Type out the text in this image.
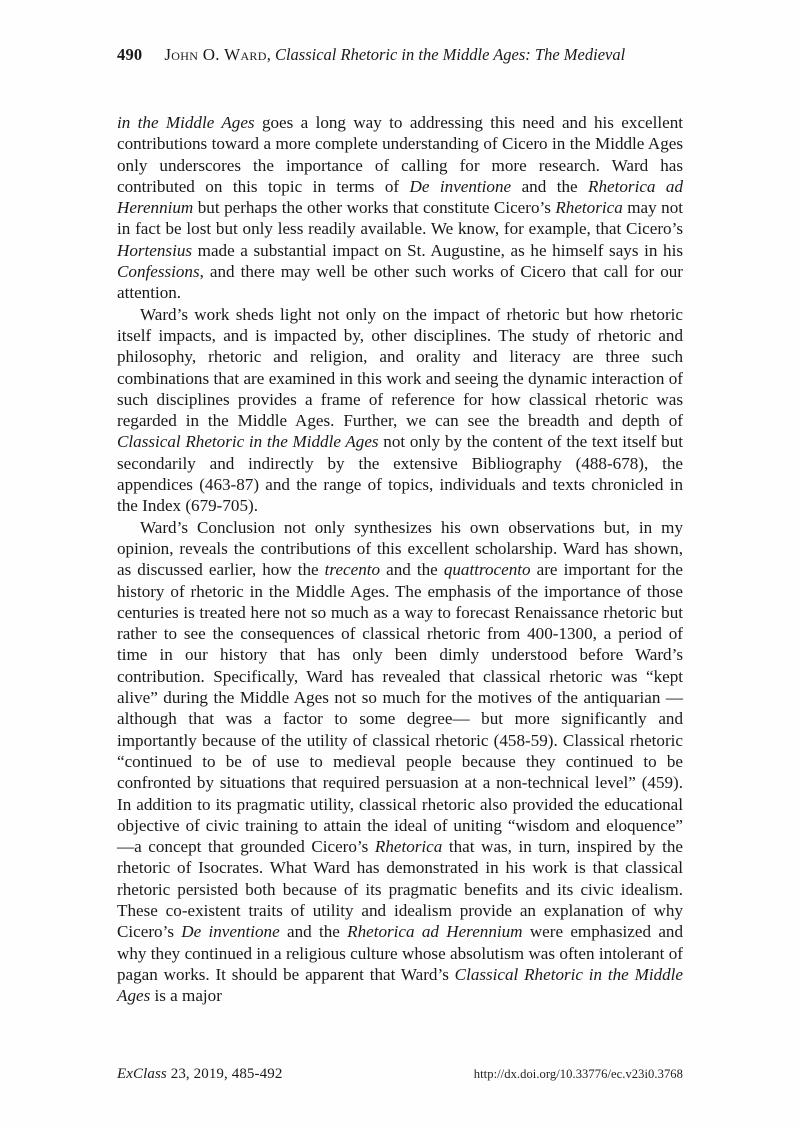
490 John O. Ward, Classical Rhetoric in the Middle Ages: The Medieval

in the Middle Ages goes a long way to addressing this need and his excellent contributions toward a more complete understanding of Cicero in the Middle Ages only underscores the importance of calling for more research. Ward has contributed on this topic in terms of De inventione and the Rhetorica ad Herennium but perhaps the other works that constitute Cicero’s Rhetorica may not in fact be lost but only less readily available. We know, for example, that Cicero’s Hortensius made a substantial impact on St. Augustine, as he himself says in his Confessions, and there may well be other such works of Cicero that call for our attention.

Ward’s work sheds light not only on the impact of rhetoric but how rhetoric itself impacts, and is impacted by, other disciplines. The study of rhetoric and philosophy, rhetoric and religion, and orality and literacy are three such combinations that are examined in this work and seeing the dynamic interaction of such disciplines provides a frame of reference for how classical rhetoric was regarded in the Middle Ages. Further, we can see the breadth and depth of Classical Rhetoric in the Middle Ages not only by the content of the text itself but secondarily and indirectly by the extensive Bibliography (488-678), the appendices (463-87) and the range of topics, individuals and texts chronicled in the Index (679-705).

Ward’s Conclusion not only synthesizes his own observations but, in my opinion, reveals the contributions of this excellent scholarship. Ward has shown, as discussed earlier, how the trecento and the quattrocento are important for the history of rhetoric in the Middle Ages. The emphasis of the importance of those centuries is treated here not so much as a way to forecast Renaissance rhetoric but rather to see the consequences of classical rhetoric from 400-1300, a period of time in our history that has only been dimly understood before Ward’s contribution. Specifically, Ward has revealed that classical rhetoric was “kept alive” during the Middle Ages not so much for the motives of the antiquarian —although that was a factor to some degree— but more significantly and importantly because of the utility of classical rhetoric (458-59). Classical rhetoric “continued to be of use to medieval people because they continued to be confronted by situations that required persuasion at a non-technical level” (459). In addition to its pragmatic utility, classical rhetoric also provided the educational objective of civic training to attain the ideal of uniting “wisdom and eloquence” —a concept that grounded Cicero’s Rhetorica that was, in turn, inspired by the rhetoric of Isocrates. What Ward has demonstrated in his work is that classical rhetoric persisted both because of its pragmatic benefits and its civic idealism. These co-existent traits of utility and idealism provide an explanation of why Cicero’s De inventione and the Rhetorica ad Herennium were emphasized and why they continued in a religious culture whose absolutism was often intolerant of pagan works. It should be apparent that Ward’s Classical Rhetoric in the Middle Ages is a major

ExClass 23, 2019, 485-492	http://dx.doi.org/10.33776/ec.v23i0.3768
